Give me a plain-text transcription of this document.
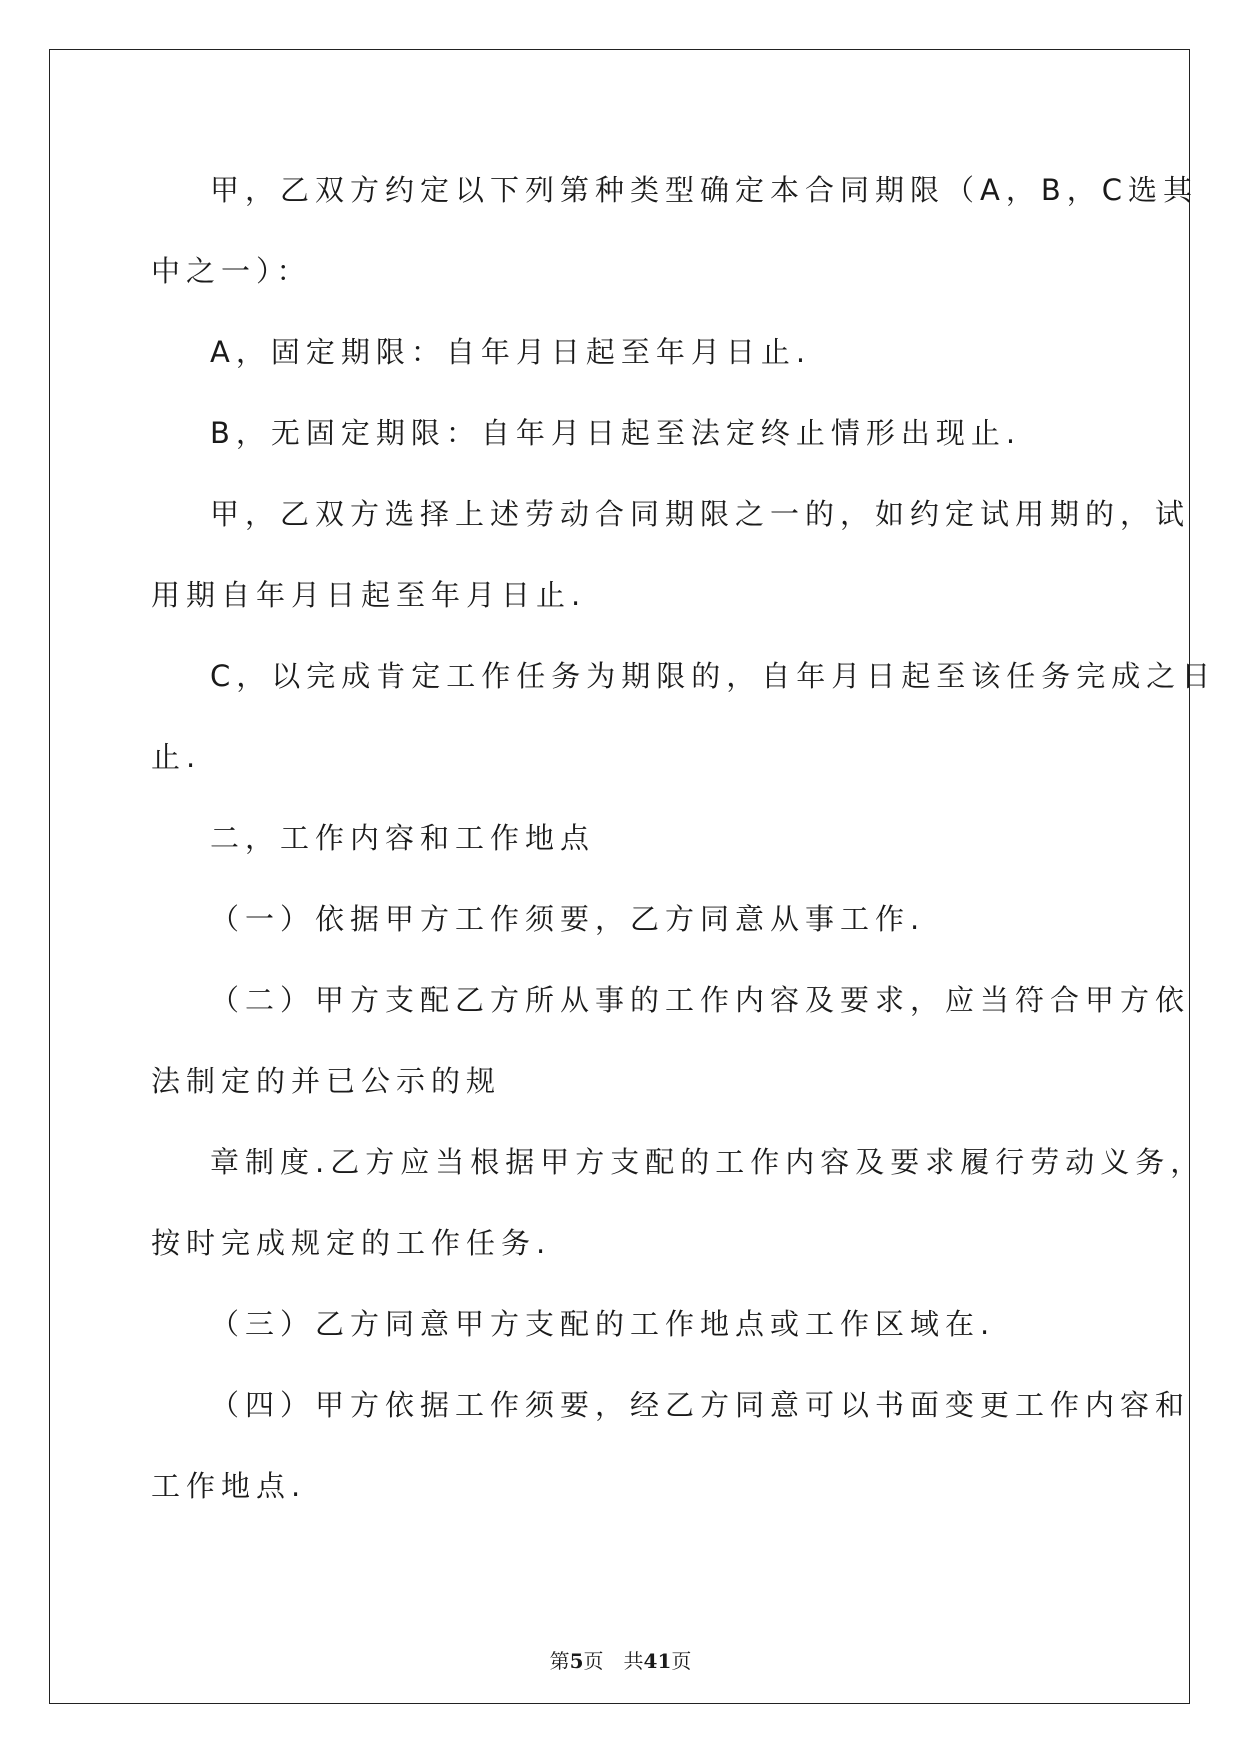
甲，乙双方约定以下列第种类型确定本合同期限（A，B，C选其
中之一）：
A，固定期限：自年月日起至年月日止.
B，无固定期限：自年月日起至法定终止情形出现止.
甲，乙双方选择上述劳动合同期限之一的，如约定试用期的，试
用期自年月日起至年月日止.
C，以完成肯定工作任务为期限的，自年月日起至该任务完成之日
止.
二，工作内容和工作地点
（一）依据甲方工作须要，乙方同意从事工作.
（二）甲方支配乙方所从事的工作内容及要求，应当符合甲方依
法制定的并已公示的规
章制度.乙方应当根据甲方支配的工作内容及要求履行劳动义务，
按时完成规定的工作任务.
（三）乙方同意甲方支配的工作地点或工作区域在.
（四）甲方依据工作须要，经乙方同意可以书面变更工作内容和
工作地点.
第5页 共41页
